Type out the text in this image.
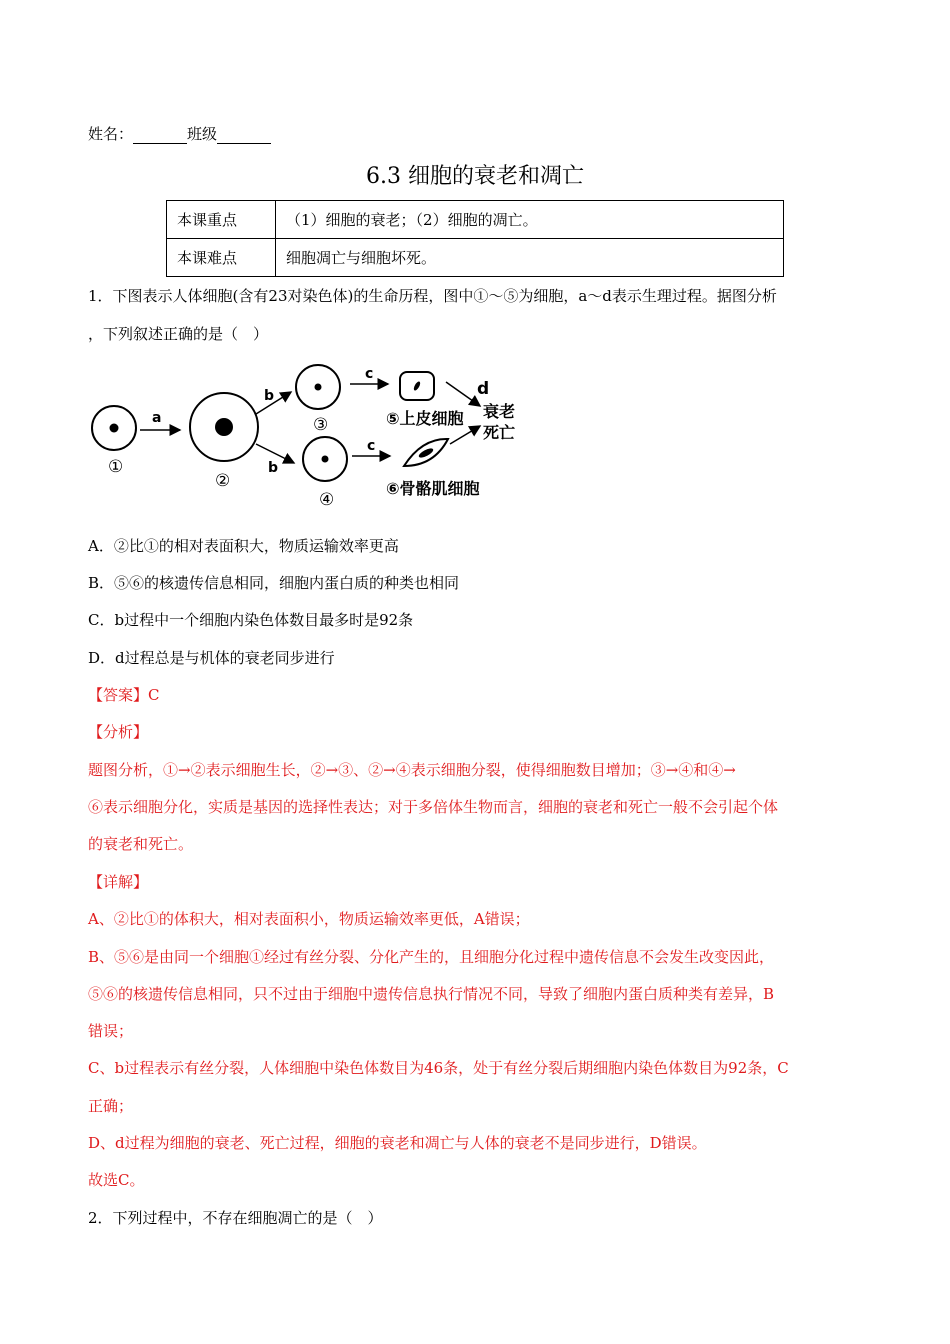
姓名：	班级
6.3 细胞的衰老和凋亡
本课重点	（1）细胞的衰老；（2）细胞的凋亡。
本课难点	细胞凋亡与细胞坏死。
1．下图表示人体细胞(含有23对染色体)的生命历程，图中①～⑤为细胞，a～d表示生理过程。据图分析
，下列叙述正确的是（　）
①
a
②
b
b
③
④
c
c
⑤上皮细胞
⑥骨骼肌细胞
d
衰老
死亡
A．②比①的相对表面积大，物质运输效率更高
B．⑤⑥的核遗传信息相同，细胞内蛋白质的种类也相同
C．b过程中一个细胞内染色体数目最多时是92条
D．d过程总是与机体的衰老同步进行
【答案】C
【分析】
题图分析，①→②表示细胞生长，②→③、②→④表示细胞分裂，使得细胞数目增加；③→④和④→
⑥表示细胞分化，实质是基因的选择性表达；对于多倍体生物而言，细胞的衰老和死亡一般不会引起个体
的衰老和死亡。
【详解】
A、②比①的体积大，相对表面积小，物质运输效率更低，A错误；
B、⑤⑥是由同一个细胞①经过有丝分裂、分化产生的，且细胞分化过程中遗传信息不会发生改变因此，
⑤⑥的核遗传信息相同，只不过由于细胞中遗传信息执行情况不同，导致了细胞内蛋白质种类有差异，B
错误；
C、b过程表示有丝分裂，人体细胞中染色体数目为46条，处于有丝分裂后期细胞内染色体数目为92条，C
正确；
D、d过程为细胞的衰老、死亡过程，细胞的衰老和凋亡与人体的衰老不是同步进行，D错误。
故选C。
2．下列过程中，不存在细胞凋亡的是（　）
